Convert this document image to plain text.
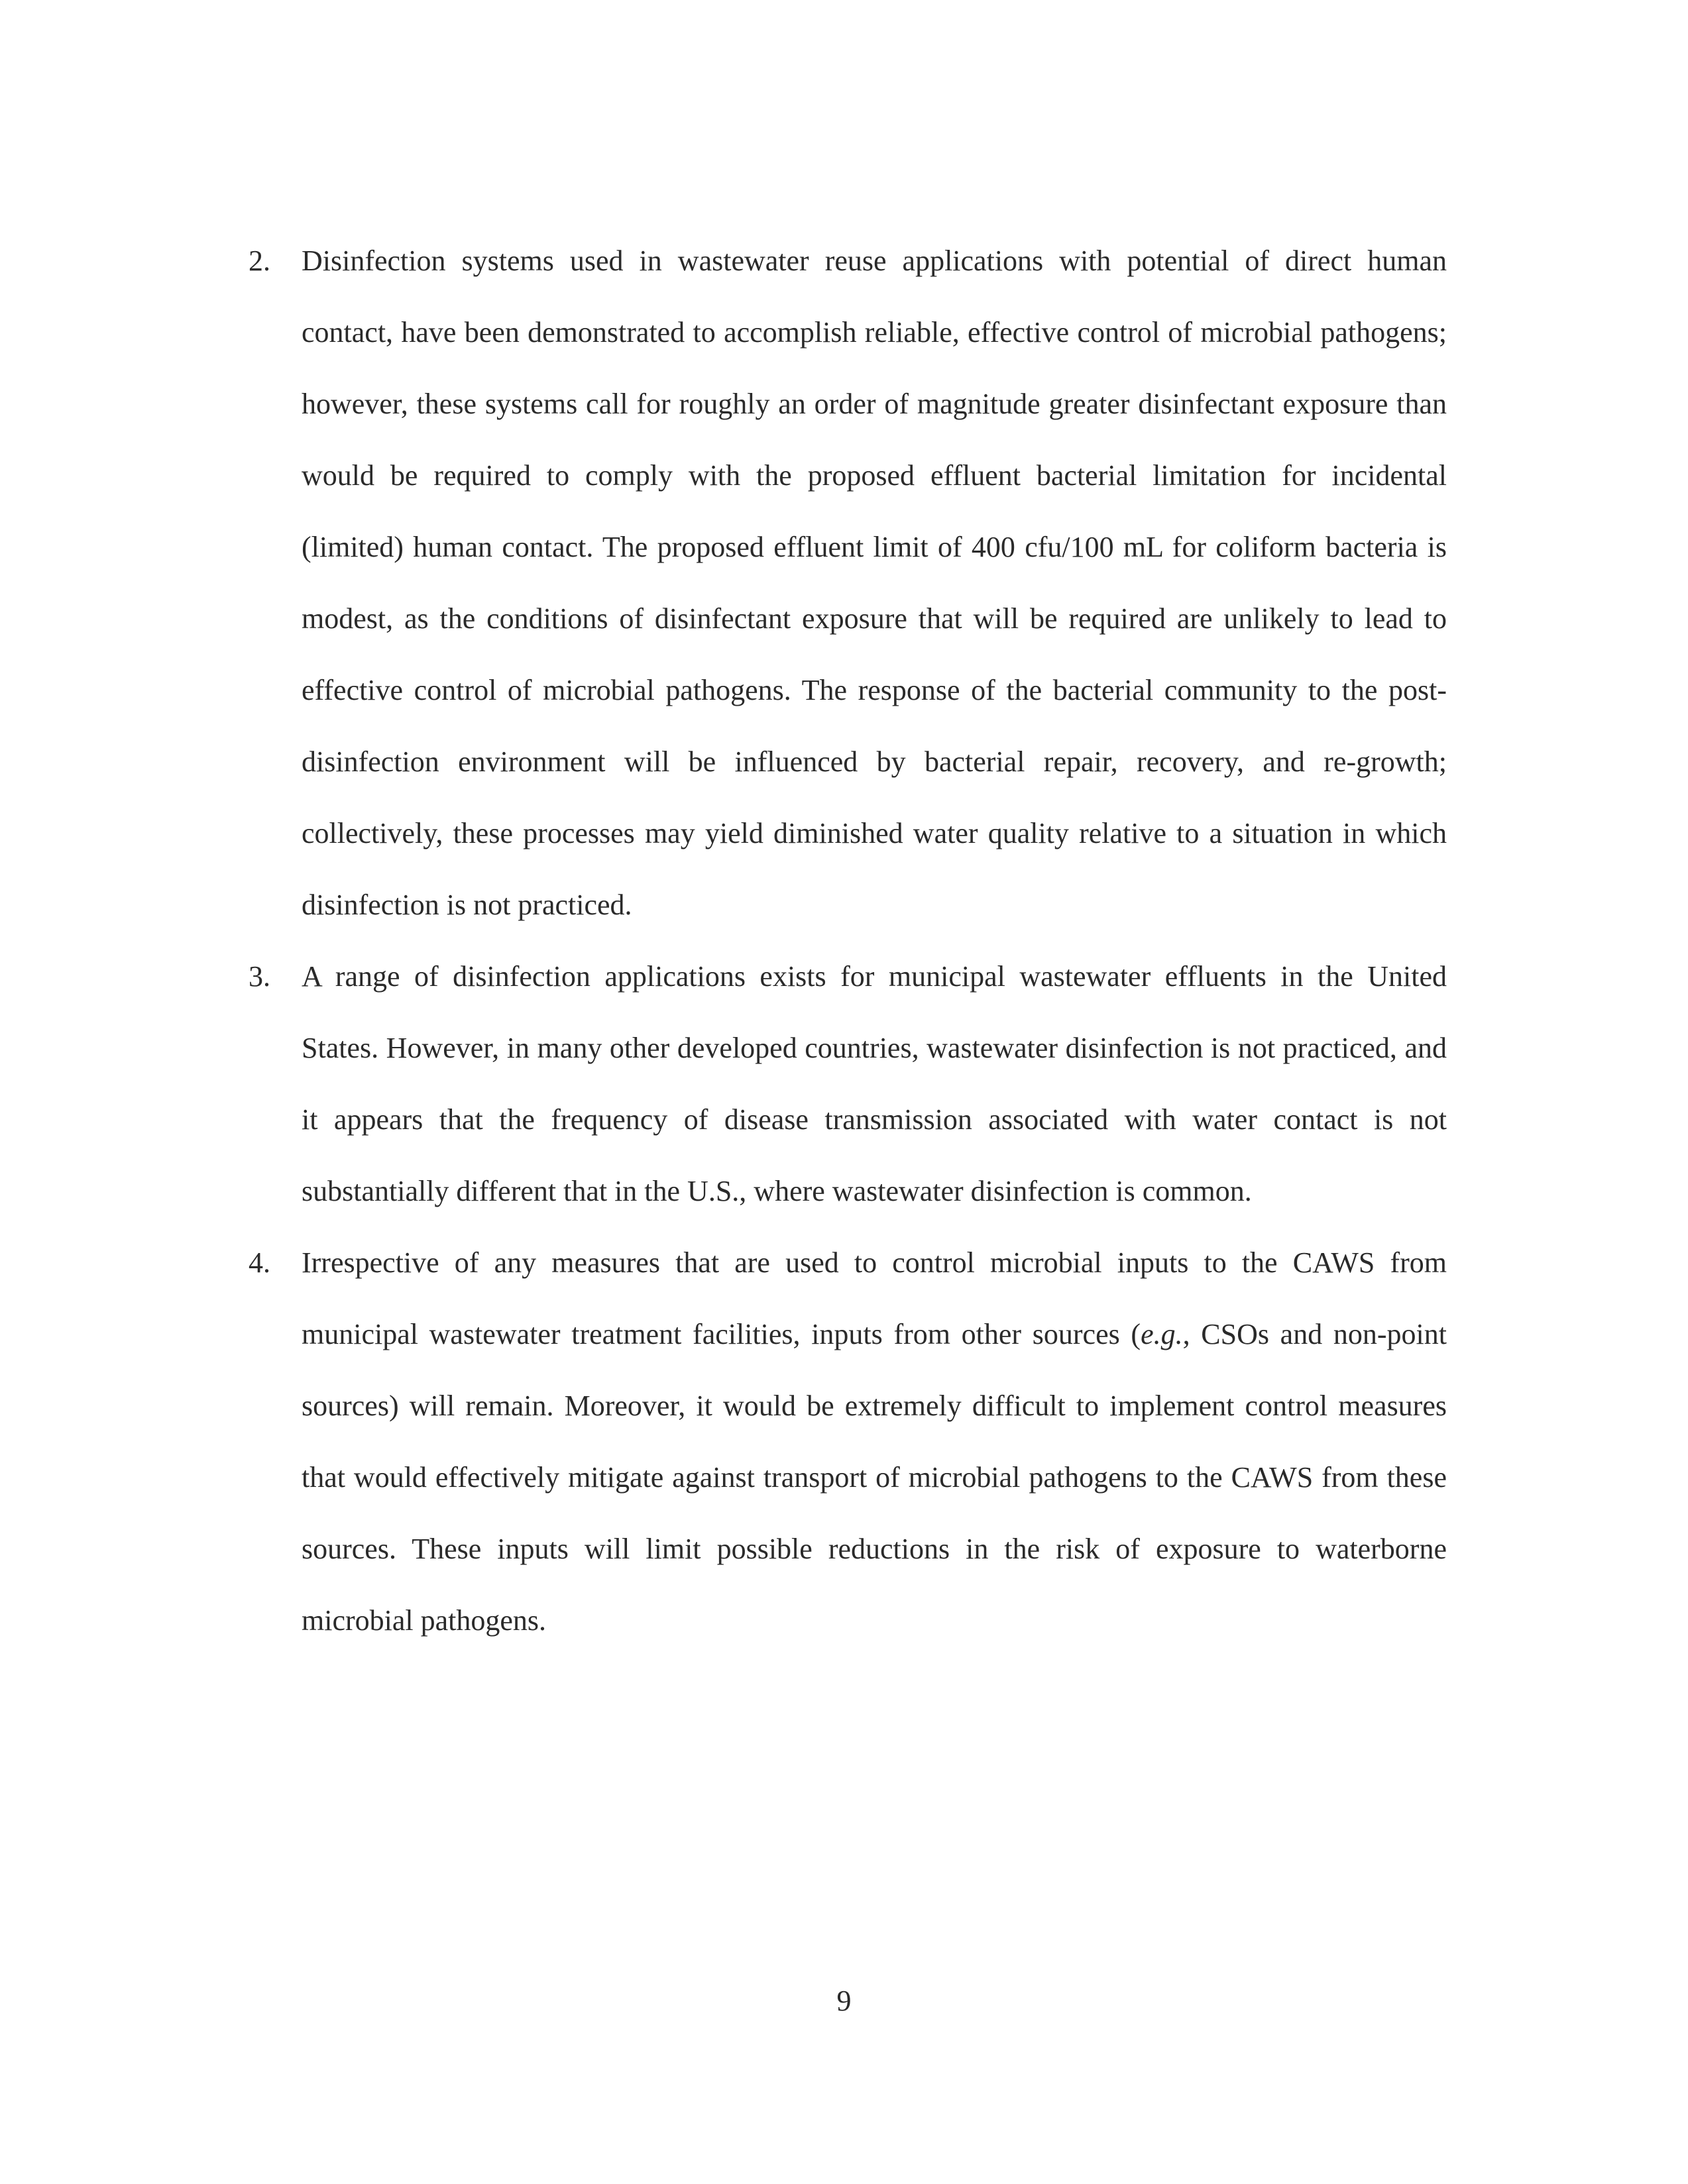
2. Disinfection systems used in wastewater reuse applications with potential of direct human contact, have been demonstrated to accomplish reliable, effective control of microbial pathogens; however, these systems call for roughly an order of magnitude greater disinfectant exposure than would be required to comply with the proposed effluent bacterial limitation for incidental (limited) human contact. The proposed effluent limit of 400 cfu/100 mL for coliform bacteria is modest, as the conditions of disinfectant exposure that will be required are unlikely to lead to effective control of microbial pathogens. The response of the bacterial community to the post-disinfection environment will be influenced by bacterial repair, recovery, and re-growth; collectively, these processes may yield diminished water quality relative to a situation in which disinfection is not practiced.

3. A range of disinfection applications exists for municipal wastewater effluents in the United States. However, in many other developed countries, wastewater disinfection is not practiced, and it appears that the frequency of disease transmission associated with water contact is not substantially different that in the U.S., where wastewater disinfection is common.

4. Irrespective of any measures that are used to control microbial inputs to the CAWS from municipal wastewater treatment facilities, inputs from other sources (e.g., CSOs and non-point sources) will remain. Moreover, it would be extremely difficult to implement control measures that would effectively mitigate against transport of microbial pathogens to the CAWS from these sources. These inputs will limit possible reductions in the risk of exposure to waterborne microbial pathogens.

9
